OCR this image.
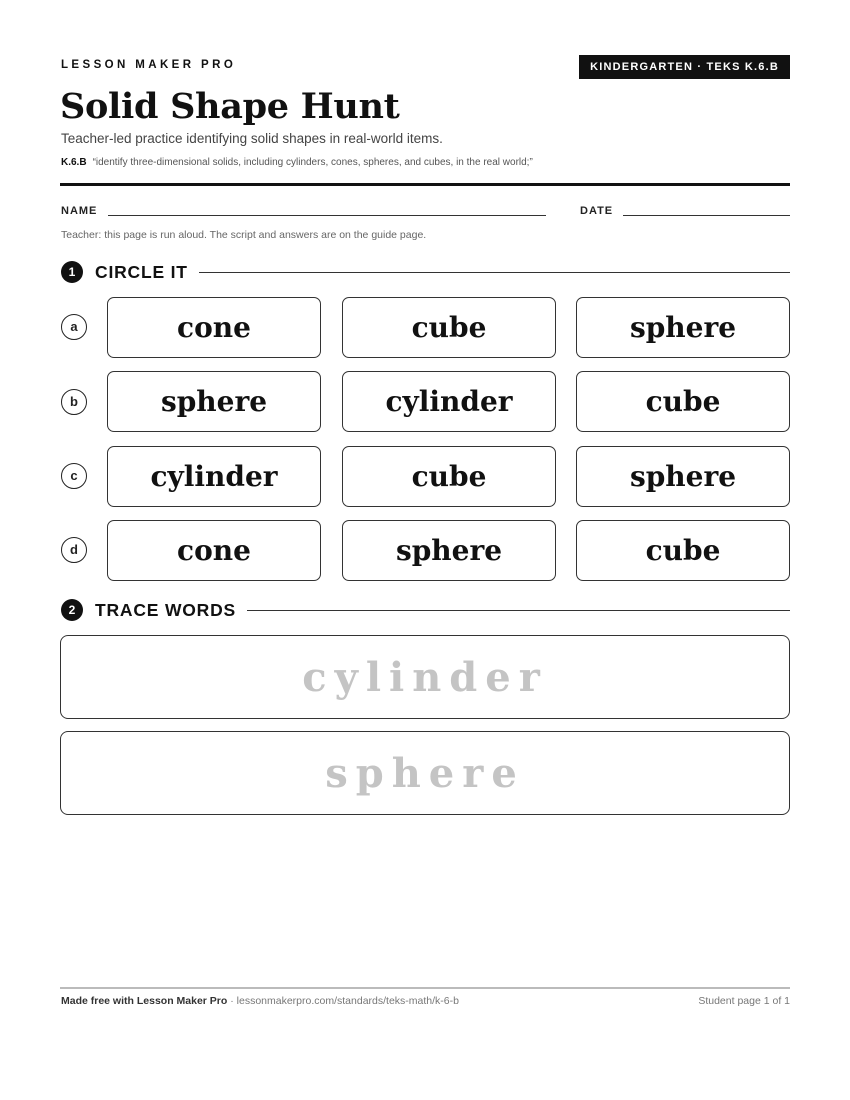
LESSON MAKER PRO	KINDERGARTEN · TEKS K.6.B
Solid Shape Hunt
Teacher-led practice identifying solid shapes in real-world items.
K.6.B “identify three-dimensional solids, including cylinders, cones, spheres, and cubes, in the real world;”
NAME	DATE
Teacher: this page is run aloud. The script and answers are on the guide page.
1	CIRCLE IT
a	cone	cube	sphere
b	sphere	cylinder	cube
c	cylinder	cube	sphere
d	cone	sphere	cube
2	TRACE WORDS
cylinder
sphere
Made free with Lesson Maker Pro · lessonmakerpro.com/standards/teks-math/k-6-b	Student page 1 of 1
